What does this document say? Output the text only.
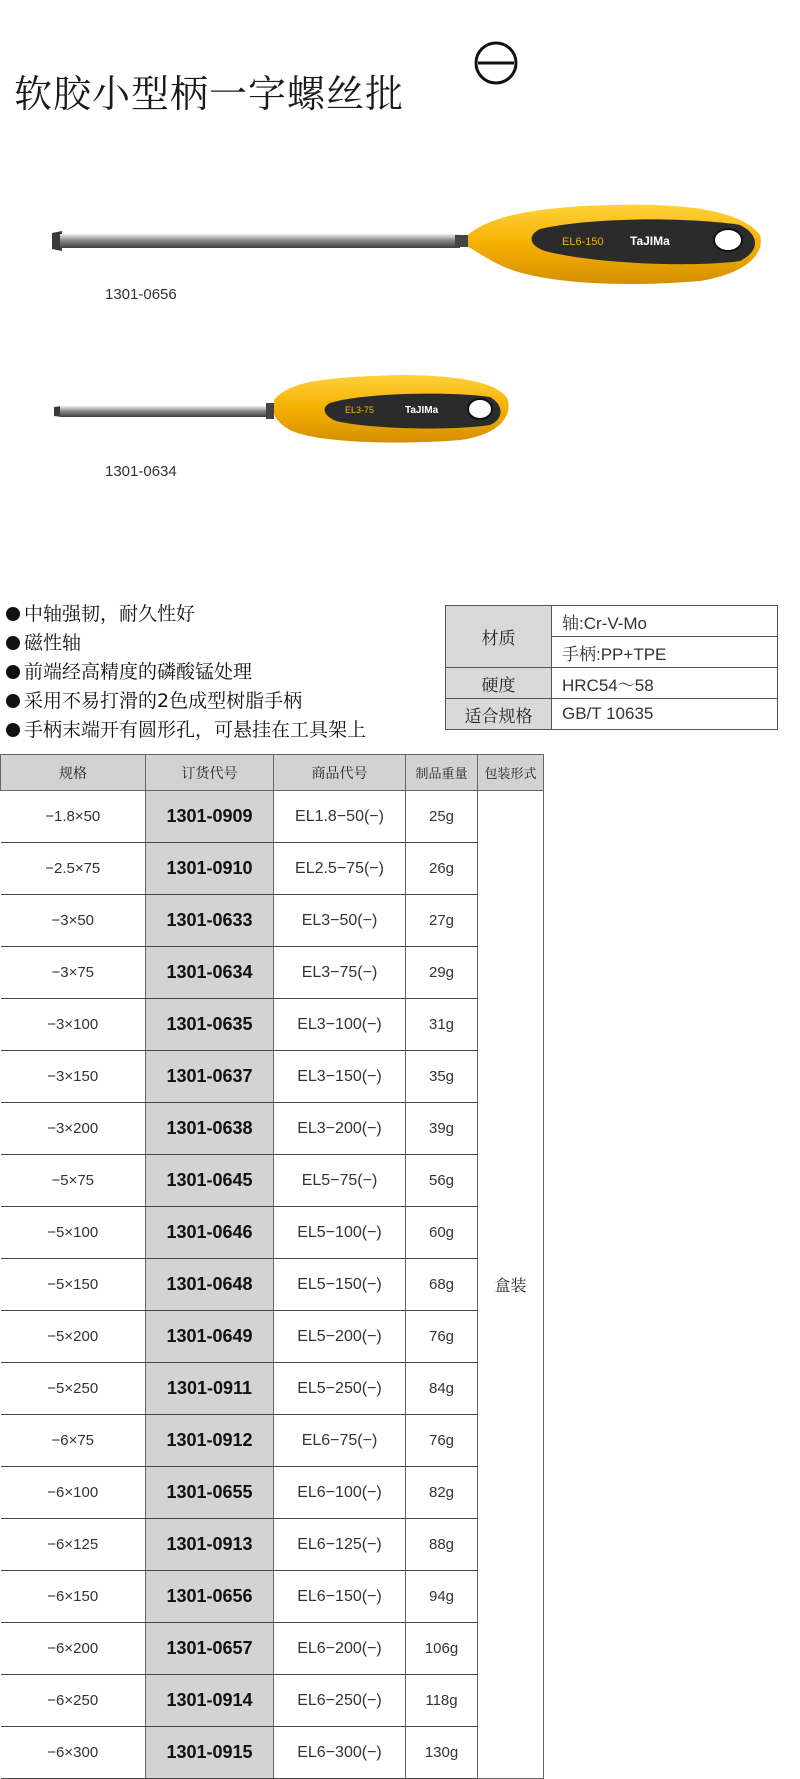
软胶小型柄一字螺丝批
EL6-150 TaJIMa
EL3-75	TaJIMa
1301-0656
1301-0634
中轴强韧，耐久性好
磁性轴
前端经高精度的磷酸锰处理
采用不易打滑的2色成型树脂手柄
手柄末端开有圆形孔，可悬挂在工具架上
材质	轴:Cr-V-Mo
	手柄:PP+TPE
硬度	HRC54～58
适合规格	GB/T 10635
规格	订货代号	商品代号	制品重量	包装形式
−1.8×50	1301-0909	EL1.8−50(−)	25g	盒装
−2.5×75	1301-0910	EL2.5−75(−)	26g	
−3×50	1301-0633	EL3−50(−)	27g	
−3×75	1301-0634	EL3−75(−)	29g	
−3×100	1301-0635	EL3−100(−)	31g	
−3×150	1301-0637	EL3−150(−)	35g	
−3×200	1301-0638	EL3−200(−)	39g	
−5×75	1301-0645	EL5−75(−)	56g	
−5×100	1301-0646	EL5−100(−)	60g	
−5×150	1301-0648	EL5−150(−)	68g	
−5×200	1301-0649	EL5−200(−)	76g	
−5×250	1301-0911	EL5−250(−)	84g	
−6×75	1301-0912	EL6−75(−)	76g	
−6×100	1301-0655	EL6−100(−)	82g	
−6×125	1301-0913	EL6−125(−)	88g	
−6×150	1301-0656	EL6−150(−)	94g	
−6×200	1301-0657	EL6−200(−)	106g	
−6×250	1301-0914	EL6−250(−)	118g	
−6×300	1301-0915	EL6−300(−)	130g	
